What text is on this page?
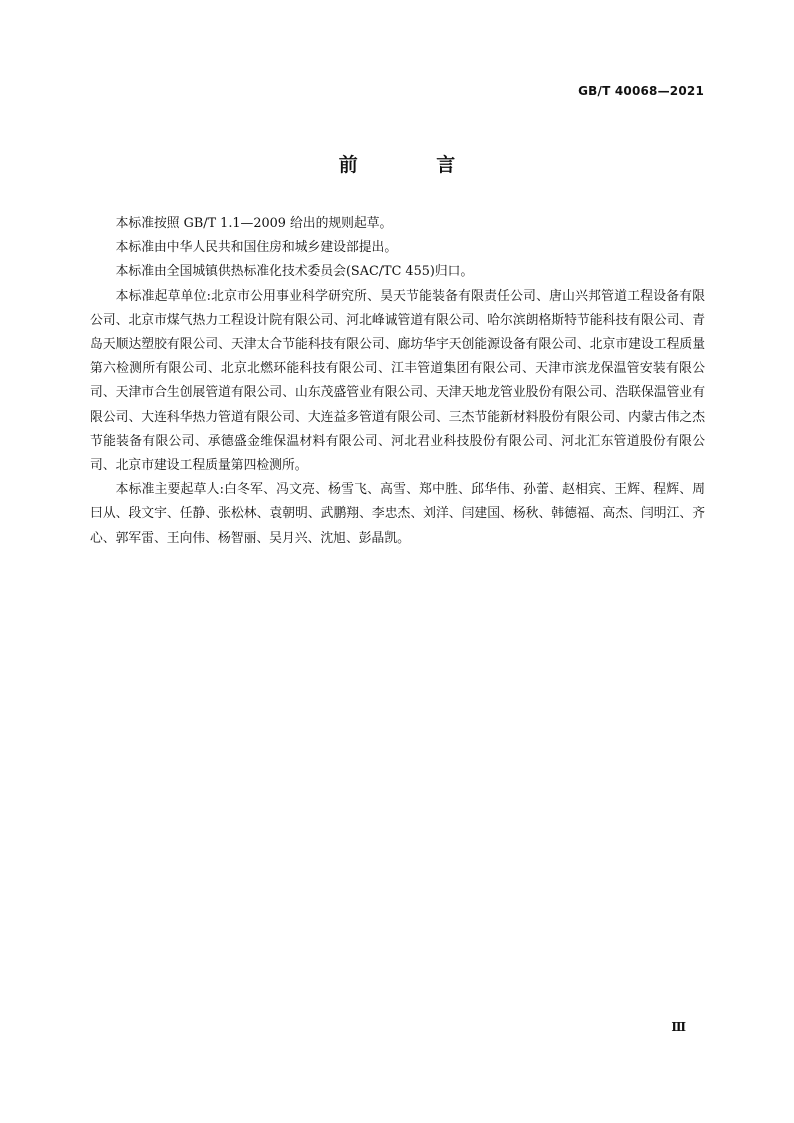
GB/T 40068—2021
前 言

本标准按照 GB/T 1.1—2009 给出的规则起草。

本标准由中华人民共和国住房和城乡建设部提出。

本标准由全国城镇供热标准化技术委员会(SAC/TC 455)归口。

本标准起草单位:北京市公用事业科学研究所、昊天节能装备有限责任公司、唐山兴邦管道工程设备有限公司、北京市煤气热力工程设计院有限公司、河北峰诚管道有限公司、哈尔滨朗格斯特节能科技有限公司、青岛天顺达塑胶有限公司、天津太合节能科技有限公司、廊坊华宇天创能源设备有限公司、北京市建设工程质量第六检测所有限公司、北京北燃环能科技有限公司、江丰管道集团有限公司、天津市滨龙保温管安装有限公司、天津市合生创展管道有限公司、山东茂盛管业有限公司、天津天地龙管业股份有限公司、浩联保温管业有限公司、大连科华热力管道有限公司、大连益多管道有限公司、三杰节能新材料股份有限公司、内蒙古伟之杰节能装备有限公司、承德盛金维保温材料有限公司、河北君业科技股份有限公司、河北汇东管道股份有限公司、北京市建设工程质量第四检测所。

本标准主要起草人:白冬军、冯文亮、杨雪飞、高雪、郑中胜、邱华伟、孙蕾、赵相宾、王辉、程辉、周曰从、段文宇、任静、张松林、袁朝明、武鹏翔、李忠杰、刘洋、闫建国、杨秋、韩德福、高杰、闫明江、齐心、郭军雷、王向伟、杨智丽、吴月兴、沈旭、彭晶凯。

Ⅲ
